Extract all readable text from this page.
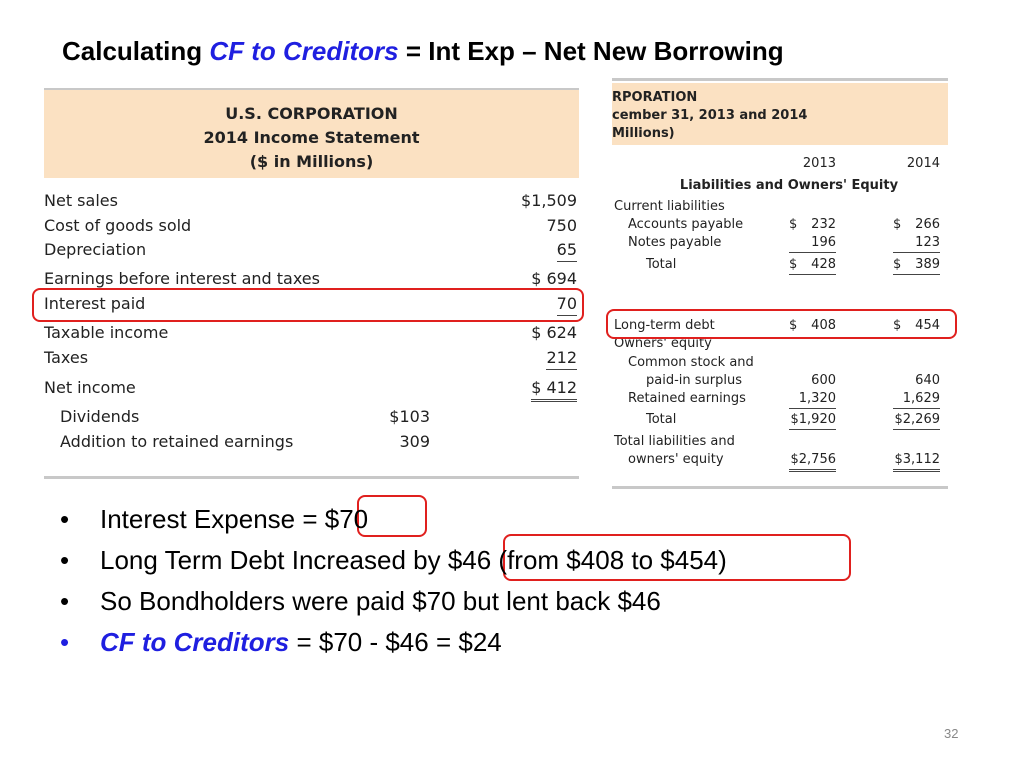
Calculating CF to Creditors = Int Exp – Net New Borrowing
U.S. CORPORATION
2014 Income Statement
($ in Millions)
Net sales	$1,509
Cost of goods sold	750
Depreciation	65
Earnings before interest and taxes	$ 694
Interest paid	70
Taxable income	$ 624
Taxes	212
Net income	$ 412
Dividends	$103
Addition to retained earnings	309
RPORATION
cember 31, 2013 and 2014
Millions)
2013	2014
Liabilities and Owners' Equity
Current liabilities
Accounts payable	$ 232	$ 266
Notes payable	196	123
Total	$ 428	$ 389
Long-term debt	$ 408	$ 454
Owners' equity
Common stock and
paid-in surplus	600	640
Retained earnings	1,320	1,629
Total	$1,920	$2,269
Total liabilities and
owners' equity	$2,756	$3,112
•	Interest Expense = $70
•	Long Term Debt Increased by $46 (from $408 to $454)
•	So Bondholders were paid $70 but lent back $46
•	CF to Creditors = $70 - $46 = $24
32
